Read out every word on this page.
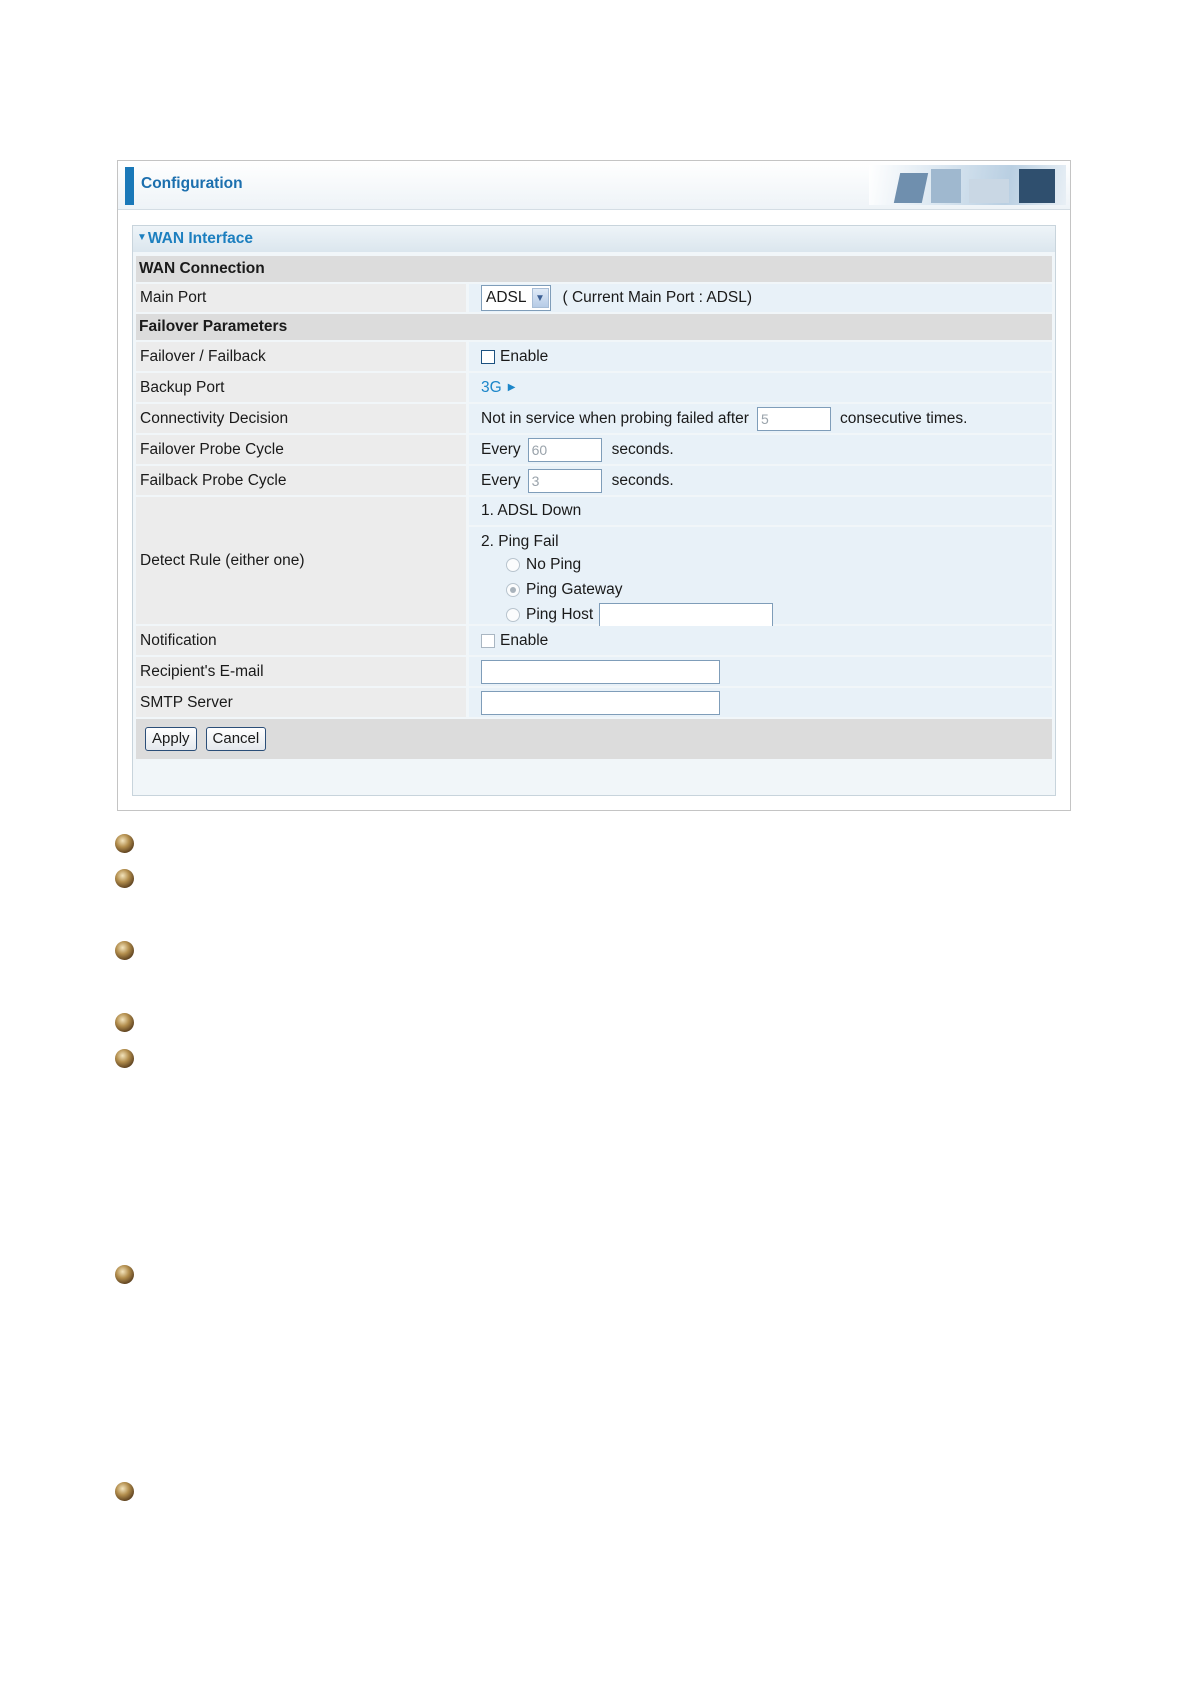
Configuration
▼WAN Interface
WAN Connection
Main Port	ADSL ▼ ( Current Main Port : ADSL)
Failover Parameters
Failover / Failback	Enable
Backup Port	3G ▶
Connectivity Decision	Not in service when probing failed after 5	consecutive times.
Failover Probe Cycle	Every 60	seconds.
Failback Probe Cycle	Every 3	seconds.
Detect Rule (either one)
1. ADSL Down
2. Ping Fail
No Ping
Ping Gateway
Ping Host
Notification	Enable
Recipient's E-mail
SMTP Server
Apply	Cancel
